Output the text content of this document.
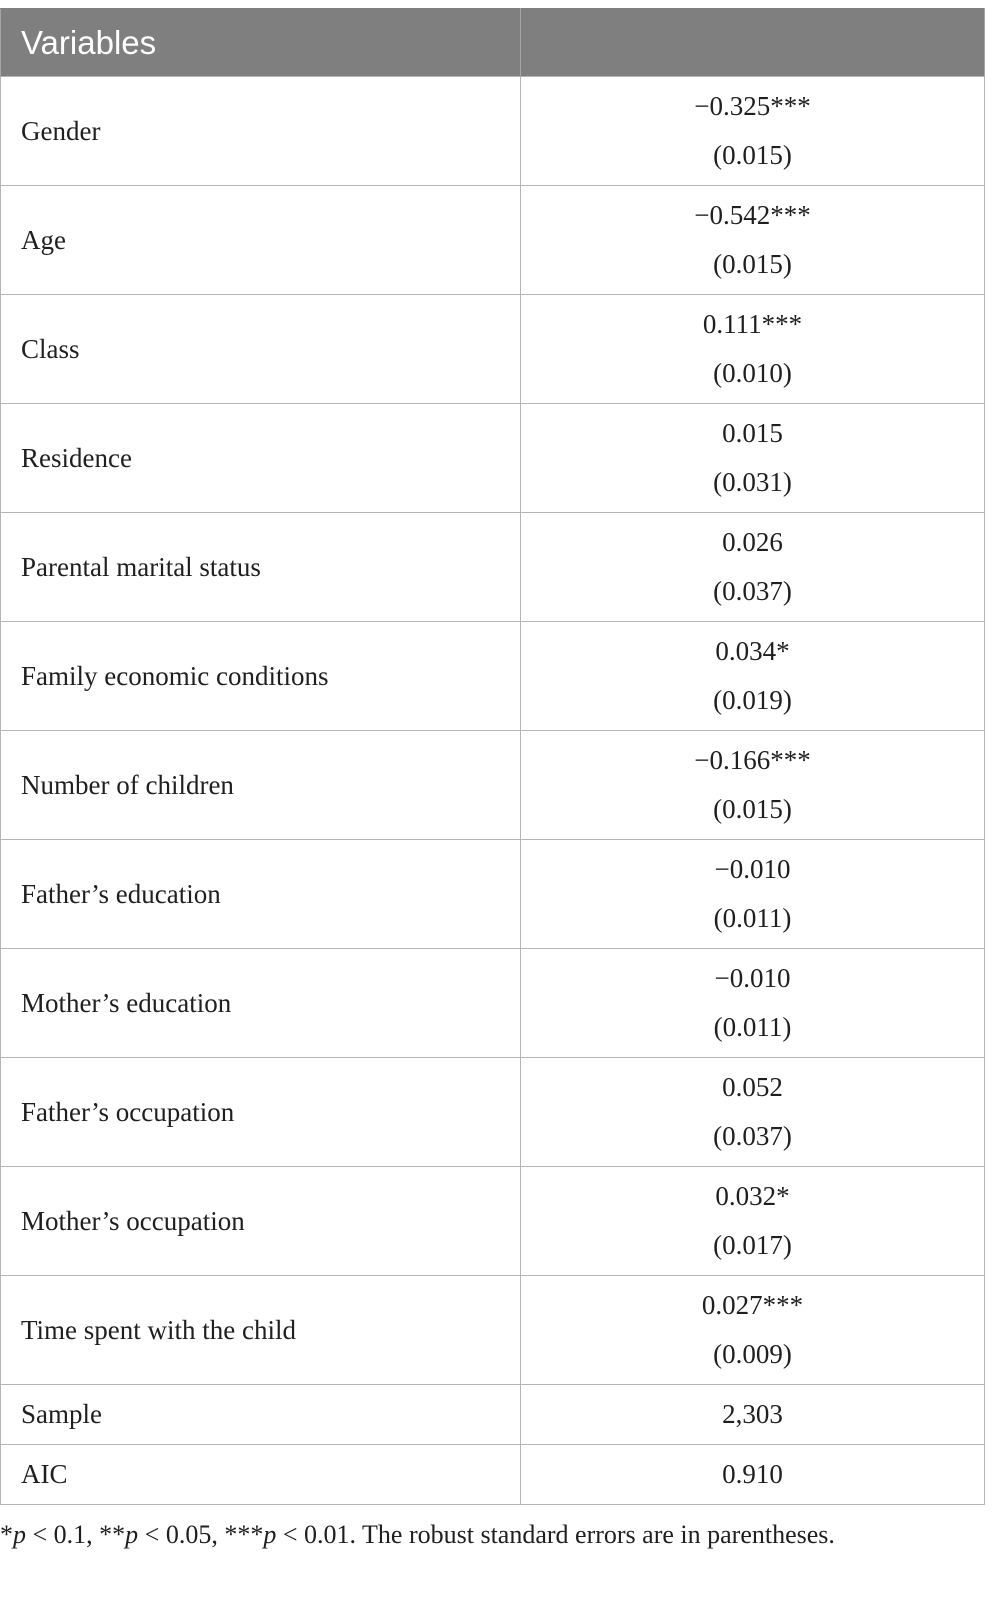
Variables	
Gender	−0.325***
(0.015)

Age	−0.542***
(0.015)

Class	0.111***
(0.010)

Residence	0.015
(0.031)

Parental marital status	0.026
(0.037)

Family economic conditions	0.034*
(0.019)

Number of children	−0.166***
(0.015)

Father’s education	−0.010
(0.011)

Mother’s education	−0.010
(0.011)

Father’s occupation	0.052
(0.037)

Mother’s occupation	0.032*
(0.017)

Time spent with the child	0.027***
(0.009)

Sample	2,303
AIC	0.910
*p < 0.1, **p < 0.05, ***p < 0.01. The robust standard errors are in parentheses.
